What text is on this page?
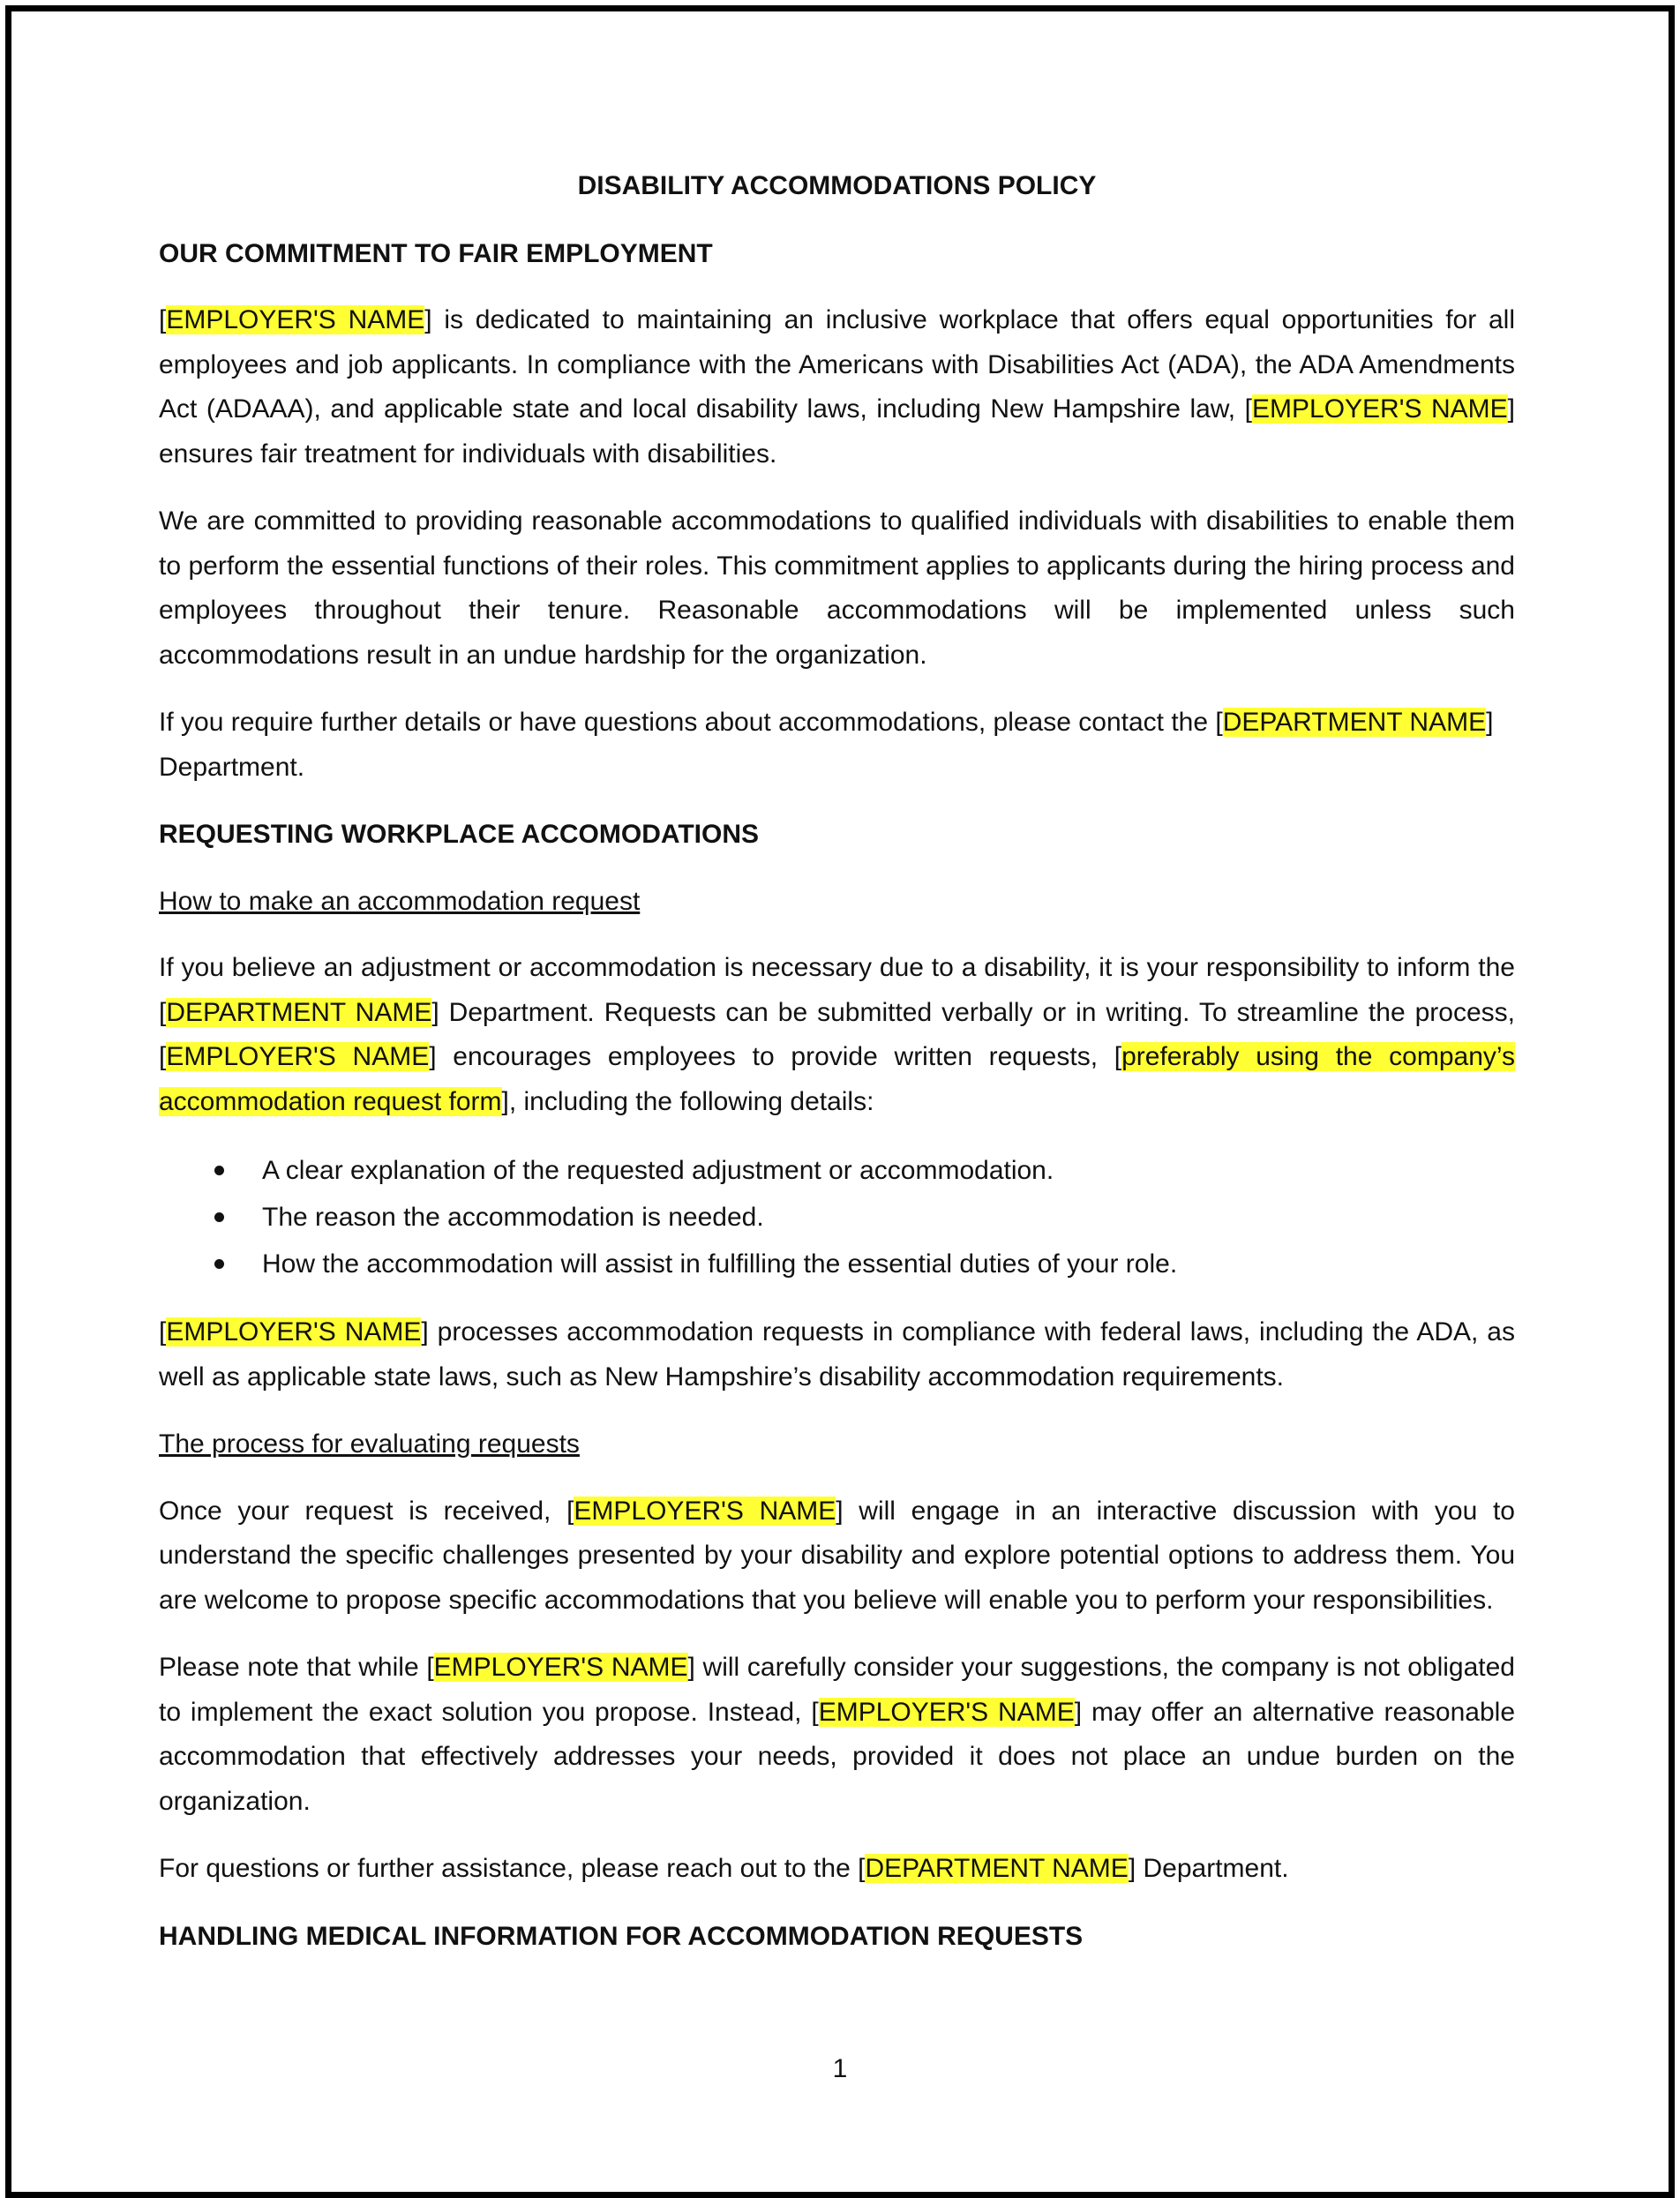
DISABILITY ACCOMMODATIONS POLICY
OUR COMMITMENT TO FAIR EMPLOYMENT

[EMPLOYER'S NAME] is dedicated to maintaining an inclusive workplace that offers equal opportunities for all employees and job applicants. In compliance with the Americans with Disabilities Act (ADA), the ADA Amendments Act (ADAAA), and applicable state and local disability laws, including New Hampshire law, [EMPLOYER'S NAME] ensures fair treatment for individuals with disabilities.

We are committed to providing reasonable accommodations to qualified individuals with disabilities to enable them to perform the essential functions of their roles. This commitment applies to applicants during the hiring process and employees throughout their tenure. Reasonable accommodations will be implemented unless such accommodations result in an undue hardship for the organization.

If you require further details or have questions about accommodations, please contact the [DEPARTMENT NAME] Department.

REQUESTING WORKPLACE ACCOMODATIONS
How to make an accommodation request

If you believe an adjustment or accommodation is necessary due to a disability, it is your responsibility to inform the [DEPARTMENT NAME] Department. Requests can be submitted verbally or in writing. To streamline the process, [EMPLOYER'S NAME] encourages employees to provide written requests, [preferably using the company’s accommodation request form], including the following details:

A clear explanation of the requested adjustment or accommodation.
The reason the accommodation is needed.
How the accommodation will assist in fulfilling the essential duties of your role.

[EMPLOYER'S NAME] processes accommodation requests in compliance with federal laws, including the ADA, as well as applicable state laws, such as New Hampshire’s disability accommodation requirements.

The process for evaluating requests

Once your request is received, [EMPLOYER'S NAME] will engage in an interactive discussion with you to understand the specific challenges presented by your disability and explore potential options to address them. You are welcome to propose specific accommodations that you believe will enable you to perform your responsibilities.

Please note that while [EMPLOYER'S NAME] will carefully consider your suggestions, the company is not obligated to implement the exact solution you propose. Instead, [EMPLOYER'S NAME] may offer an alternative reasonable accommodation that effectively addresses your needs, provided it does not place an undue burden on the organization.

For questions or further assistance, please reach out to the [DEPARTMENT NAME] Department.

HANDLING MEDICAL INFORMATION FOR ACCOMMODATION REQUESTS
1
